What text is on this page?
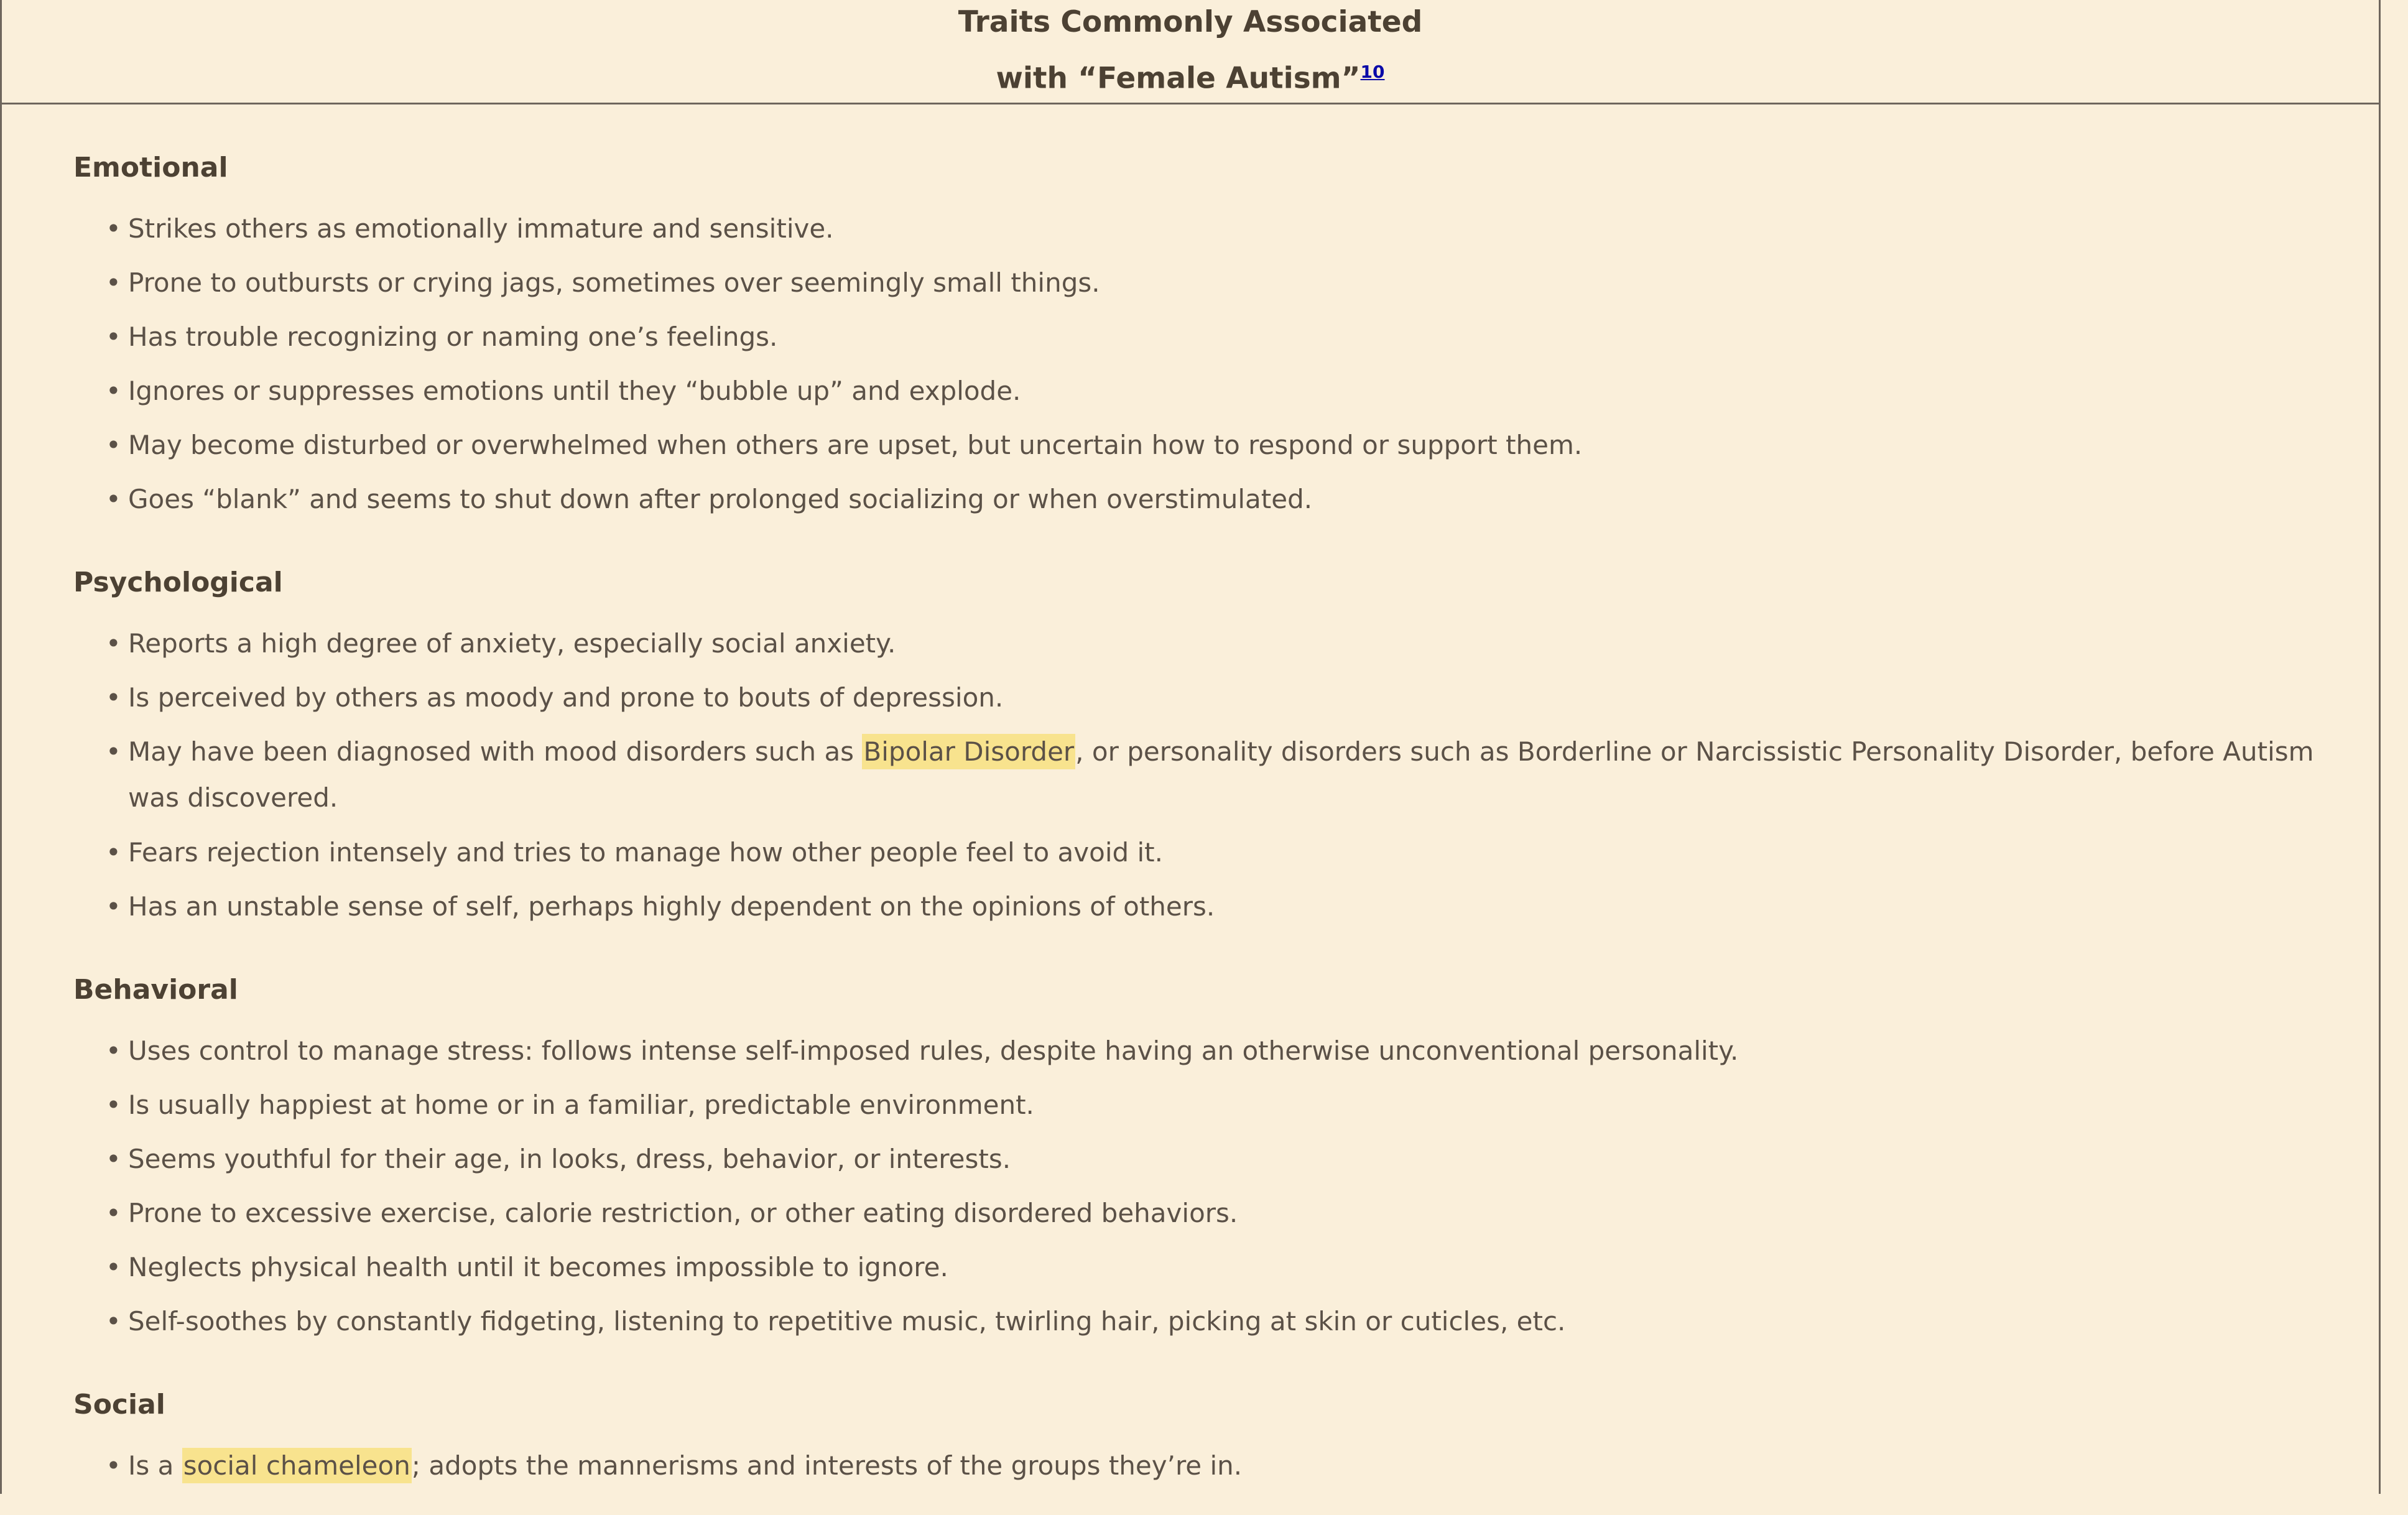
Traits Commonly Associated
with “Female Autism”$^{10}$
Emotional
• Strikes others as emotionally immature and sensitive.
• Prone to outbursts or crying jags, sometimes over seemingly small things.
• Has trouble recognizing or naming one’s feelings.
• Ignores or suppresses emotions until they “bubble up” and explode.
• May become disturbed or overwhelmed when others are upset, but uncertain how to respond or support them.
• Goes “blank” and seems to shut down after prolonged socializing or when overstimulated.
Psychological
• Reports a high degree of anxiety, especially social anxiety.
• Is perceived by others as moody and prone to bouts of depression.
• May have been diagnosed with mood disorders such as Bipolar Disorder, or personality disorders such as Borderline or Narcissistic Personality Disorder, before Autism was discovered.
• Fears rejection intensely and tries to manage how other people feel to avoid it.
• Has an unstable sense of self, perhaps highly dependent on the opinions of others.
Behavioral
• Uses control to manage stress: follows intense self-imposed rules, despite having an otherwise unconventional personality.
• Is usually happiest at home or in a familiar, predictable environment.
• Seems youthful for their age, in looks, dress, behavior, or interests.
• Prone to excessive exercise, calorie restriction, or other eating disordered behaviors.
• Neglects physical health until it becomes impossible to ignore.
• Self-soothes by constantly fidgeting, listening to repetitive music, twirling hair, picking at skin or cuticles, etc.
Social
• Is a social chameleon; adopts the mannerisms and interests of the groups they’re in.
